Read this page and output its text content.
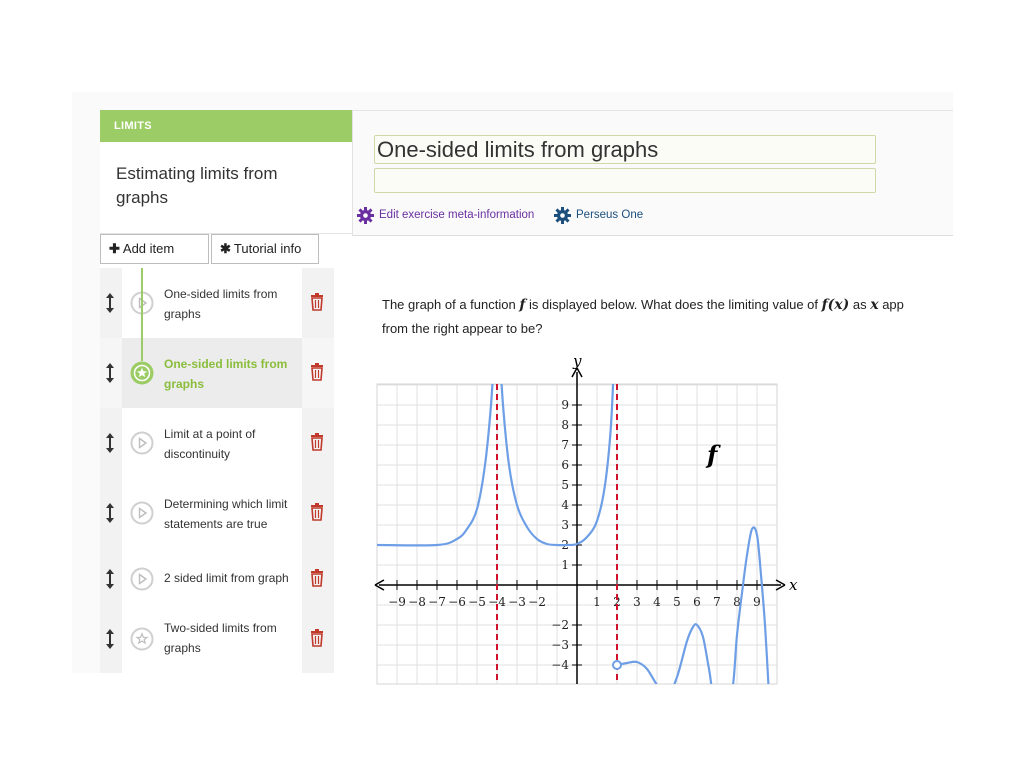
LIMITS
Estimating limits from graphs
✚ Add item	✱ Tutorial info
One-sided limits from graphs
One-sided limits from graphs
Limit at a point of discontinuity
Determining which limit statements are true
2 sided limit from graph
Two-sided limits from graphs
One-sided limits from graphs
Edit exercise meta-information	Perseus One
The graph of a function f is displayed below. What does the limiting value of f(x) as x app
from the right appear to be?
−9 −8 −7 −6 −5 −4 −3 −2	1 2 3 4 5 6 7 8 9
9
8
7
6
5
4
3
2
1
−2
−3
−4
y
x
f
